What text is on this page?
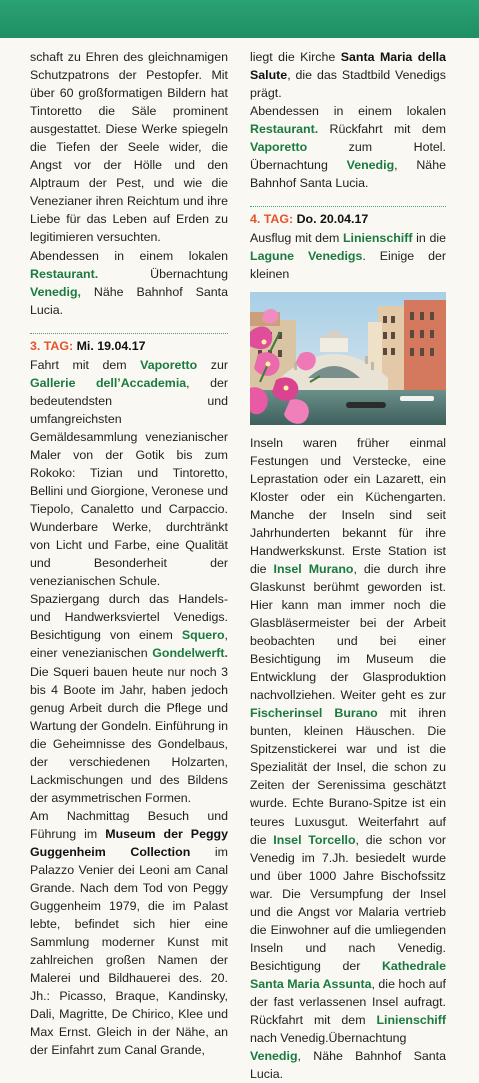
schaft zu Ehren des gleichnamigen Schutzpatrons der Pestopfer. Mit über 60 großformatigen Bildern hat Tintoretto die Säle prominent ausgestattet. Diese Werke spiegeln die Tiefen der Seele wider, die Angst vor der Hölle und den Alptraum der Pest, und wie die Venezianer ihren Reichtum und ihre Liebe für das Leben auf Erden zu legitimieren versuchten.

Abendessen in einem lokalen Restaurant. Übernachtung Venedig, Nähe Bahnhof Santa Lucia.

3. TAG: Mi. 19.04.17

Fahrt mit dem Vaporetto zur Gallerie dell’Accademia, der bedeutendsten und umfangreichsten Gemäldesammlung venezianischer Maler von der Gotik bis zum Rokoko: Tizian und Tintoretto, Bellini und Giorgione, Veronese und Tiepolo, Canaletto und Carpaccio. Wunderbare Werke, durchtränkt von Licht und Farbe, eine Qualität und Besonderheit der venezianischen Schule.

Spaziergang durch das Handels- und Handwerksviertel Venedigs. Besichtigung von einem Squero, einer venezianischen Gondelwerft. Die Squeri bauen heute nur noch 3 bis 4 Boote im Jahr, haben jedoch genug Arbeit durch die Pflege und Wartung der Gondeln. Einführung in die Geheimnisse des Gondelbaus, der verschiedenen Holzarten, Lackmischungen und des Bildens der asymmetrischen Formen.

Am Nachmittag Besuch und Führung im Museum der Peggy Guggenheim Collection im Palazzo Venier dei Leoni am Canal Grande. Nach dem Tod von Peggy Guggenheim 1979, die im Palast lebte, befindet sich hier eine Sammlung moderner Kunst mit zahlreichen großen Namen der Malerei und Bildhauerei des. 20. Jh.: Picasso, Braque, Kandinsky, Dali, Magritte, De Chirico, Klee und Max Ernst. Gleich in der Nähe, an der Einfahrt zum Canal Grande,

liegt die Kirche Santa Maria della Salute, die das Stadtbild Venedigs prägt.

Abendessen in einem lokalen Restaurant. Rückfahrt mit dem Vaporetto zum Hotel. Übernachtung Venedig, Nähe Bahnhof Santa Lucia.

4. TAG: Do. 20.04.17

Ausflug mit dem Linienschiff in die Lagune Venedigs. Einige der kleinen

Inseln waren früher einmal Festungen und Verstecke, eine Leprastation oder ein Lazarett, ein Kloster oder ein Küchengarten. Manche der Inseln sind seit Jahrhunderten bekannt für ihre Handwerkskunst. Erste Station ist die Insel Murano, die durch ihre Glaskunst berühmt geworden ist. Hier kann man immer noch die Glasbläsermeister bei der Arbeit beobachten und bei einer Besichtigung im Museum die Entwicklung der Glasproduktion nachvollziehen. Weiter geht es zur Fischerinsel Burano mit ihren bunten, kleinen Häuschen. Die Spitzenstickerei war und ist die Spezialität der Insel, die schon zu Zeiten der Serenissima geschätzt wurde. Echte Burano-Spitze ist ein teures Luxusgut. Weiterfahrt auf die Insel Torcello, die schon vor Venedig im 7.Jh. besiedelt wurde und über 1000 Jahre Bischofssitz war. Die Versumpfung der Insel und die Angst vor Malaria vertrieb die Einwohner auf die umliegenden Inseln und nach Venedig. Besichtigung der Kathedrale Santa Maria Assunta, die hoch auf der fast verlassenen Insel aufragt. Rückfahrt mit dem Linienschiff nach Venedig.Übernachtung

Venedig, Nähe Bahnhof Santa Lucia.
